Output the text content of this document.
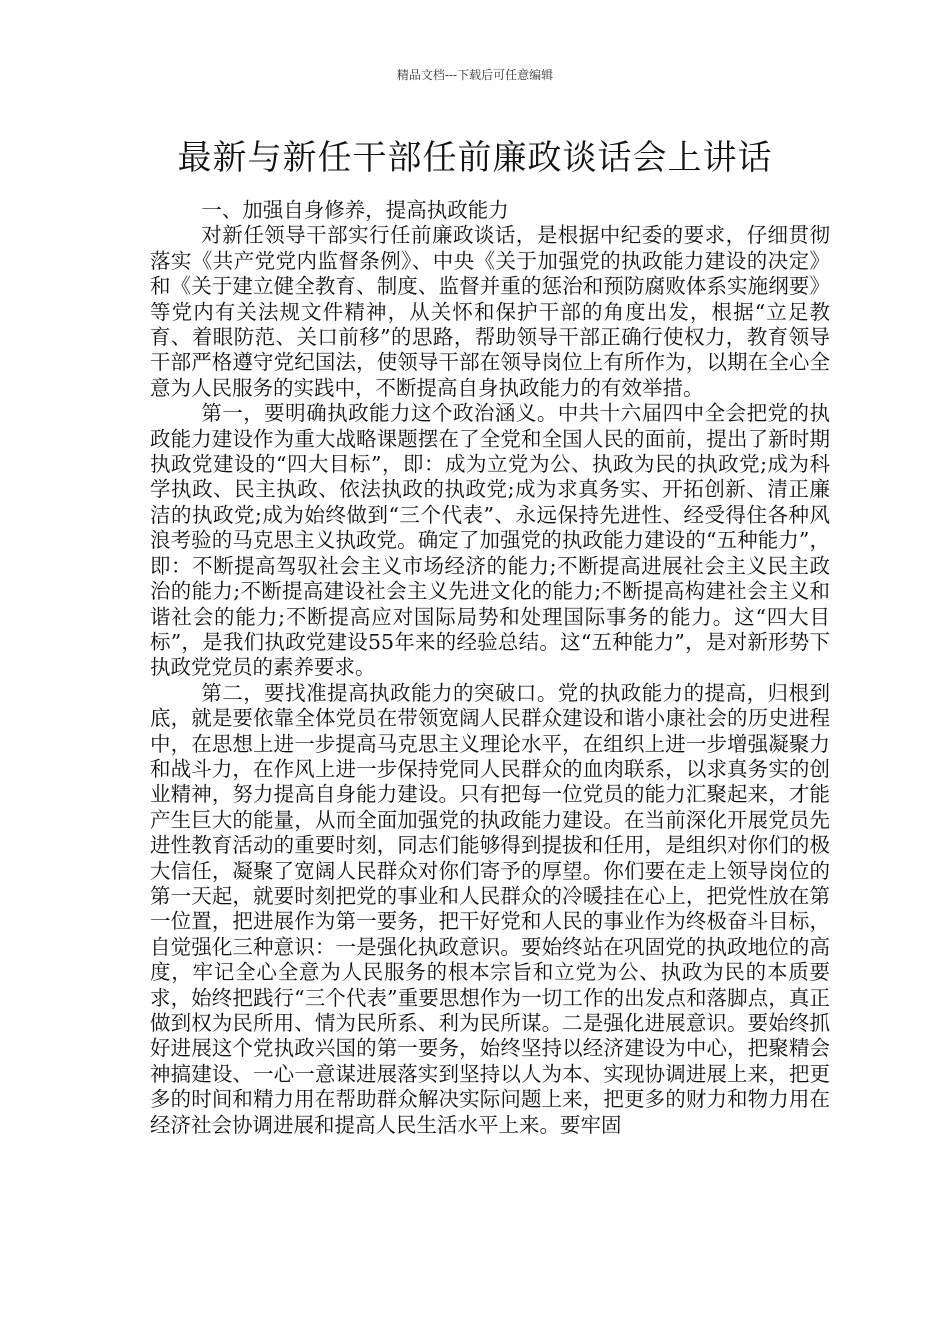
精品文档---下载后可任意编辑
最新与新任干部任前廉政谈话会上讲话

一、加强自身修养，提高执政能力

对新任领导干部实行任前廉政谈话，是根据中纪委的要求，仔细贯彻落实《共产党党内监督条例》、中央《关于加强党的执政能力建设的决定》和《关于建立健全教育、制度、监督并重的惩治和预防腐败体系实施纲要》等党内有关法规文件精神，从关怀和保护干部的角度出发，根据“立足教育、着眼防范、关口前移”的思路，帮助领导干部正确行使权力，教育领导干部严格遵守党纪国法，使领导干部在领导岗位上有所作为，以期在全心全意为人民服务的实践中，不断提高自身执政能力的有效举措。

第一，要明确执政能力这个政治涵义。中共十六届四中全会把党的执政能力建设作为重大战略课题摆在了全党和全国人民的面前，提出了新时期执政党建设的“四大目标”，即：成为立党为公、执政为民的执政党;成为科学执政、民主执政、依法执政的执政党;成为求真务实、开拓创新、清正廉洁的执政党;成为始终做到“三个代表”、永远保持先进性、经受得住各种风浪考验的马克思主义执政党。确定了加强党的执政能力建设的“五种能力”，即：不断提高驾驭社会主义市场经济的能力;不断提高进展社会主义民主政治的能力;不断提高建设社会主义先进文化的能力;不断提高构建社会主义和谐社会的能力;不断提高应对国际局势和处理国际事务的能力。这“四大目标”，是我们执政党建设55年来的经验总结。这“五种能力”，是对新形势下执政党党员的素养要求。

第二，要找准提高执政能力的突破口。党的执政能力的提高，归根到底，就是要依靠全体党员在带领宽阔人民群众建设和谐小康社会的历史进程中，在思想上进一步提高马克思主义理论水平，在组织上进一步增强凝聚力和战斗力，在作风上进一步保持党同人民群众的血肉联系，以求真务实的创业精神，努力提高自身能力建设。只有把每一位党员的能力汇聚起来，才能产生巨大的能量，从而全面加强党的执政能力建设。在当前深化开展党员先进性教育活动的重要时刻，同志们能够得到提拔和任用，是组织对你们的极大信任，凝聚了宽阔人民群众对你们寄予的厚望。你们要在走上领导岗位的第一天起，就要时刻把党的事业和人民群众的冷暖挂在心上，把党性放在第一位置，把进展作为第一要务，把干好党和人民的事业作为终极奋斗目标，自觉强化三种意识：一是强化执政意识。要始终站在巩固党的执政地位的高度，牢记全心全意为人民服务的根本宗旨和立党为公、执政为民的本质要求，始终把践行“三个代表”重要思想作为一切工作的出发点和落脚点，真正做到权为民所用、情为民所系、利为民所谋。二是强化进展意识。要始终抓好进展这个党执政兴国的第一要务，始终坚持以经济建设为中心，把聚精会神搞建设、一心一意谋进展落实到坚持以人为本、实现协调进展上来，把更多的时间和精力用在帮助群众解决实际问题上来，把更多的财力和物力用在经济社会协调进展和提高人民生活水平上来。要牢固
